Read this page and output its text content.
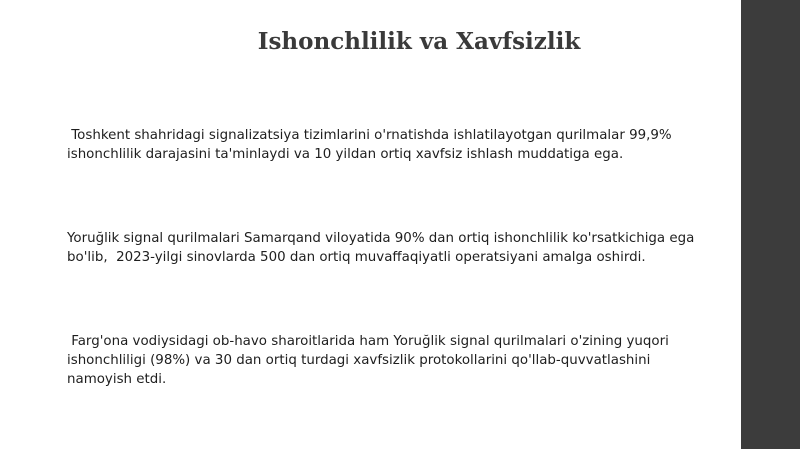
Ishonchlilik va Xavfsizlik
Toshkent shahridagi signalizatsiya tizimlarini o'rnatishda ishlatilayotgan qurilmalar 99,9%
ishonchlilik darajasini ta'minlaydi va 10 yildan ortiq xavfsiz ishlash muddatiga ega.
Yoruğlik signal qurilmalari Samarqand viloyatida 90% dan ortiq ishonchlilik ko'rsatkichiga ega
bo'lib,  2023-yilgi sinovlarda 500 dan ortiq muvaffaqiyatli operatsiyani amalga oshirdi.
Farg'ona vodiysidagi ob-havo sharoitlarida ham Yoruğlik signal qurilmalari o'zining yuqori
ishonchliligi (98%) va 30 dan ortiq turdagi xavfsizlik protokollarini qo'llab-quvvatlashini
namoyish etdi.
